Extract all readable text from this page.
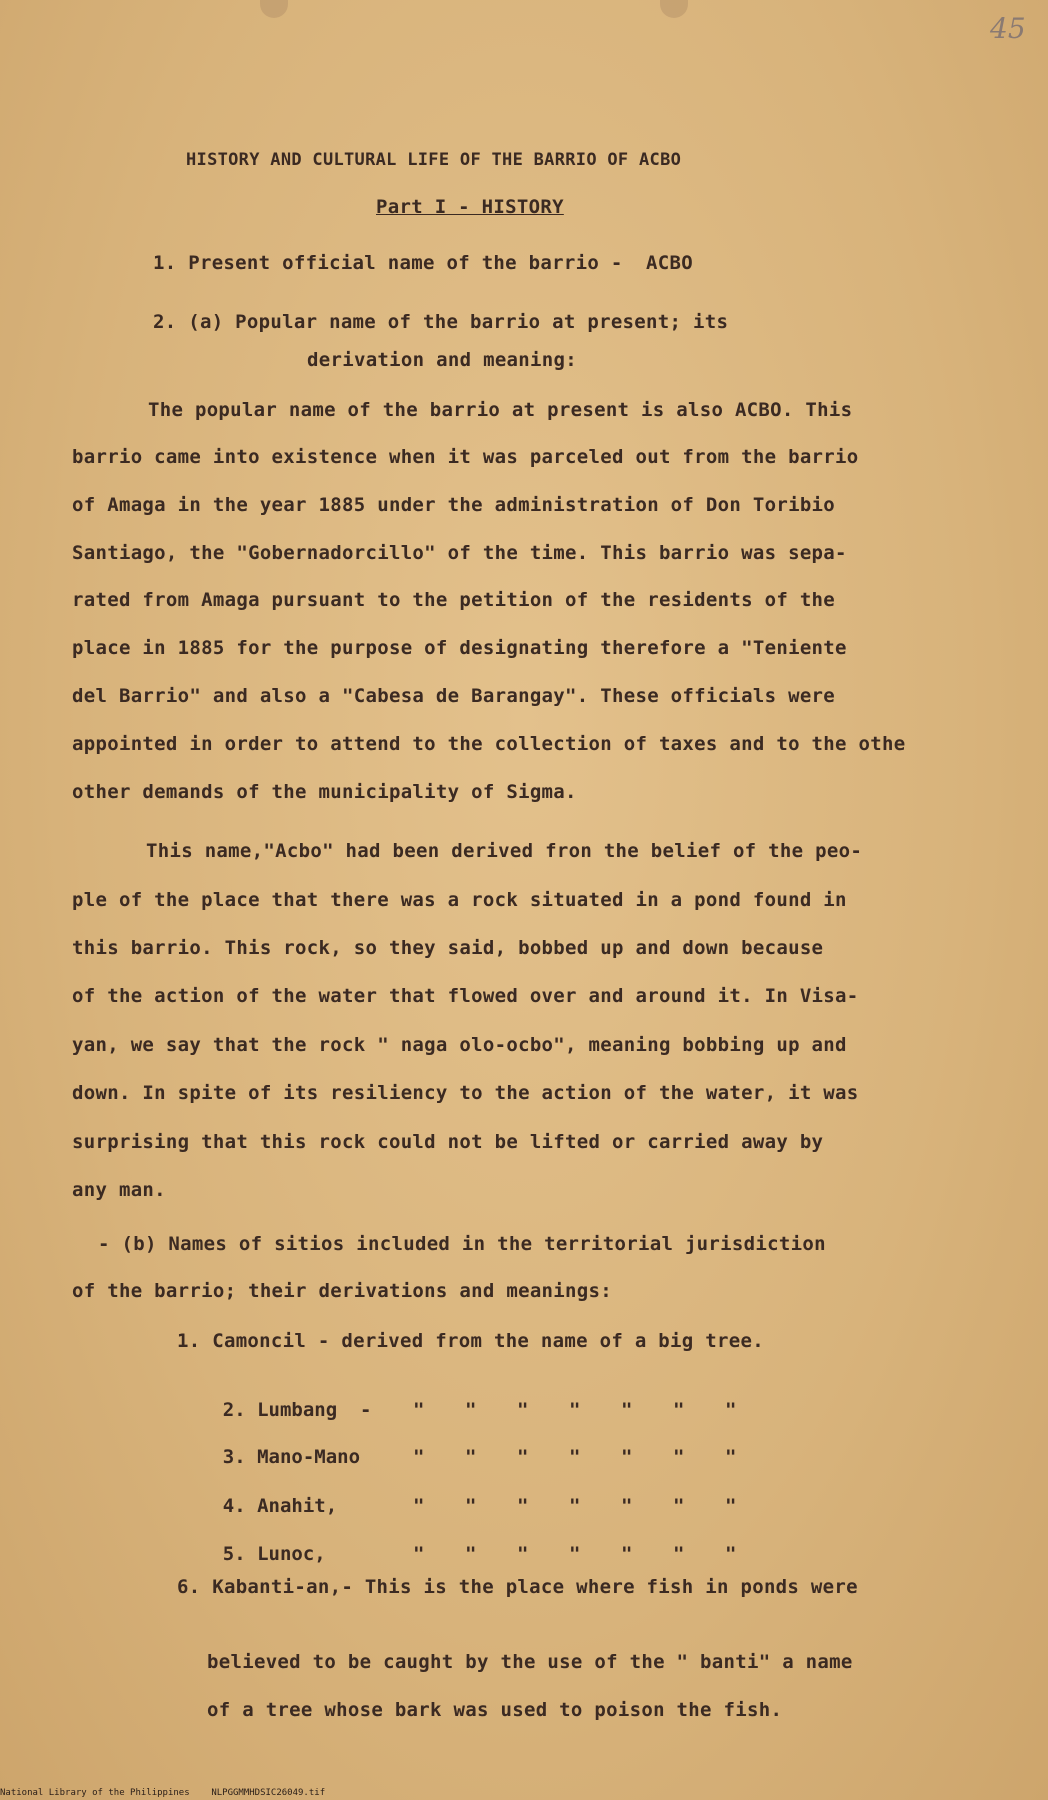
45
HISTORY AND CULTURAL LIFE OF THE BARRIO OF ACBO
Part I - HISTORY
1. Present official name of the barrio -  ACBO
2. (a) Popular name of the barrio at present; its
derivation and meaning:
The popular name of the barrio at present is also ACBO. This
barrio came into existence when it was parceled out from the barrio
of Amaga in the year 1885 under the administration of Don Toribio
Santiago, the "Gobernadorcillo" of the time. This barrio was sepa-
rated from Amaga pursuant to the petition of the residents of the
place in 1885 for the purpose of designating therefore a "Teniente
del Barrio" and also a "Cabesa de Barangay". These officials were
appointed in order to attend to the collection of taxes and to the othe
other demands of the municipality of Sigma.
This name,"Acbo" had been derived fron the belief of the peo-
ple of the place that there was a rock situated in a pond found in
this barrio. This rock, so they said, bobbed up and down because
of the action of the water that flowed over and around it. In Visa-
yan, we say that the rock " naga olo-ocbo", meaning bobbing up and
down. In spite of its resiliency to the action of the water, it was
surprising that this rock could not be lifted or carried away by
any man.
- (b) Names of sitios included in the territorial jurisdiction
of the barrio; their derivations and meanings:
1. Camoncil - derived from the name of a big tree.

2. Lumbang  - " " " " " " "

3. Mano-Mano	" " " " " " "

4. Anahit,	" " " " " " "

5. Lunoc,	" " " " " " "

6. Kabanti-an,- This is the place where fish in ponds were
believed to be caught by the use of the " banti" a name
of a tree whose bark was used to poison the fish.
National Library of the Philippines    NLPGGMMHDSIC26049.tif
